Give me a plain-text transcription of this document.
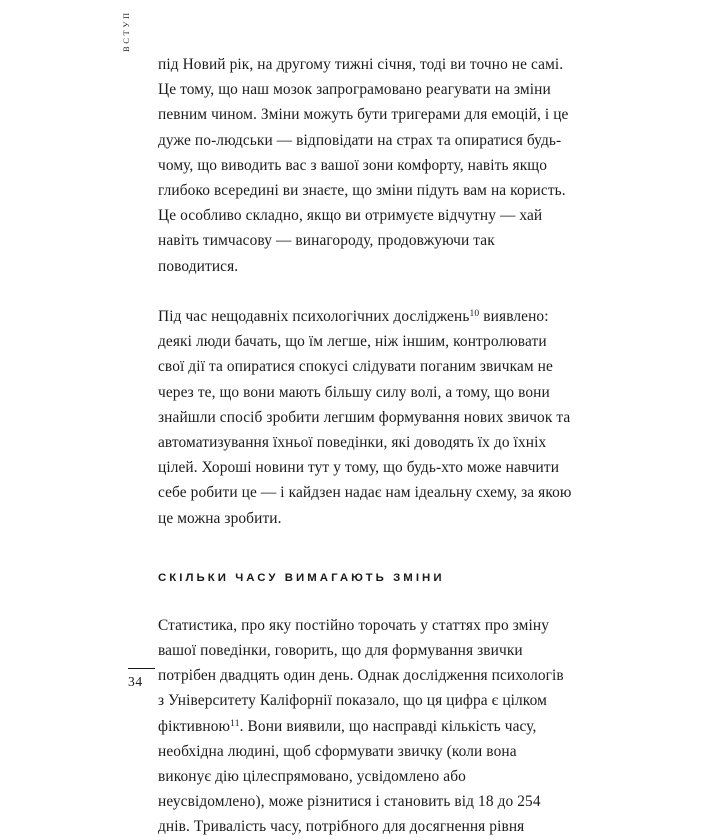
ВСТУП

під Новий рік, на другому тижні січня, тоді ви точно не самі. Це тому, що наш мозок запрограмовано реагувати на зміни певним чином. Зміни можуть бути тригерами для емоцій, і це дуже по-людськи — відповідати на страх та опиратися будь-чому, що виводить вас з вашої зони комфорту, навіть якщо глибоко всередині ви знаєте, що зміни підуть вам на користь. Це особливо складно, якщо ви отримуєте відчутну — хай навіть тимчасову — винагороду, продовжуючи так поводитися.

Під час нещодавніх психологічних досліджень$^{10}$ виявлено: деякі люди бачать, що їм легше, ніж іншим, контролювати свої дії та опиратися спокусі слідувати поганим звичкам не через те, що вони мають більшу силу волі, а тому, що вони знайшли спосіб зробити легшим формування нових звичок та автоматизування їхньої поведінки, які доводять їх до їхніх цілей. Хороші новини тут у тому, що будь-хто може навчити себе робити це — і кайдзен надає нам ідеальну схему, за якою це можна зробити.

СКІЛЬКИ ЧАСУ ВИМАГАЮТЬ ЗМІНИ

Статистика, про яку постійно торочать у статтях про зміну вашої поведінки, говорить, що для формування звички потрібен двадцять один день. Однак дослідження психологів з Університету Каліфорнії показало, що ця цифра є цілком фіктивною$^{11}$. Вони виявили, що насправді кількість часу, необхідна людині, щоб сформувати звичку (коли вона виконує дію цілеспрямовано, усвідомлено або неусвідомлено), може різнитися і становить від 18 до 254 днів. Тривалість часу, потрібного для досягнення рівня

34
